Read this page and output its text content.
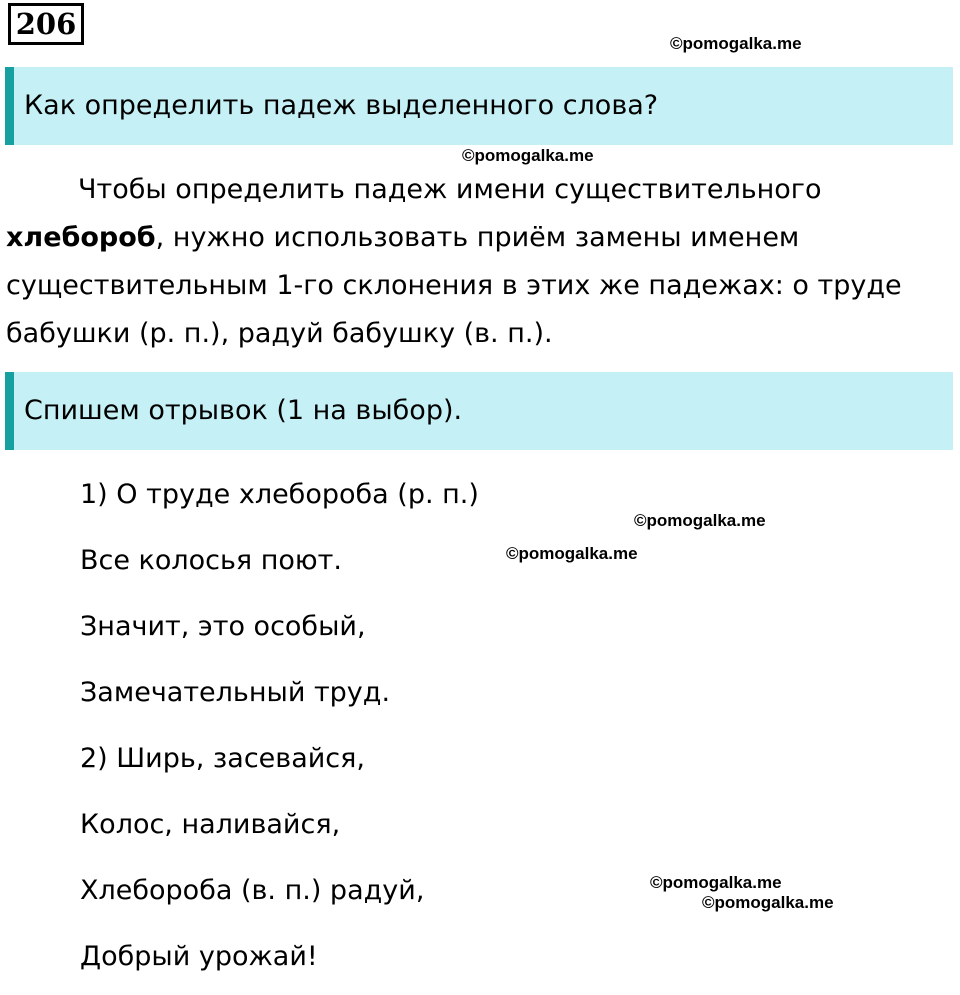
206
©pomogalka.me
Как определить падеж выделенного слова?
©pomogalka.me

Чтобы определить падеж имени существительного хлебороб, нужно использовать приём замены именем существительным 1-го склонения в этих же падежах: о труде бабушки (р. п.), радуй бабушку (в. п.).

Спишем отрывок (1 на выбор).
1) О труде хлебороба (р. п.)
Все колосья поют.
Значит, это особый,
Замечательный труд.
2) Ширь, засевайся,
Колос, наливайся,
Хлебороба (в. п.) радуй,
Добрый урожай!
©pomogalka.me
©pomogalka.me
©pomogalka.me
©pomogalka.me
